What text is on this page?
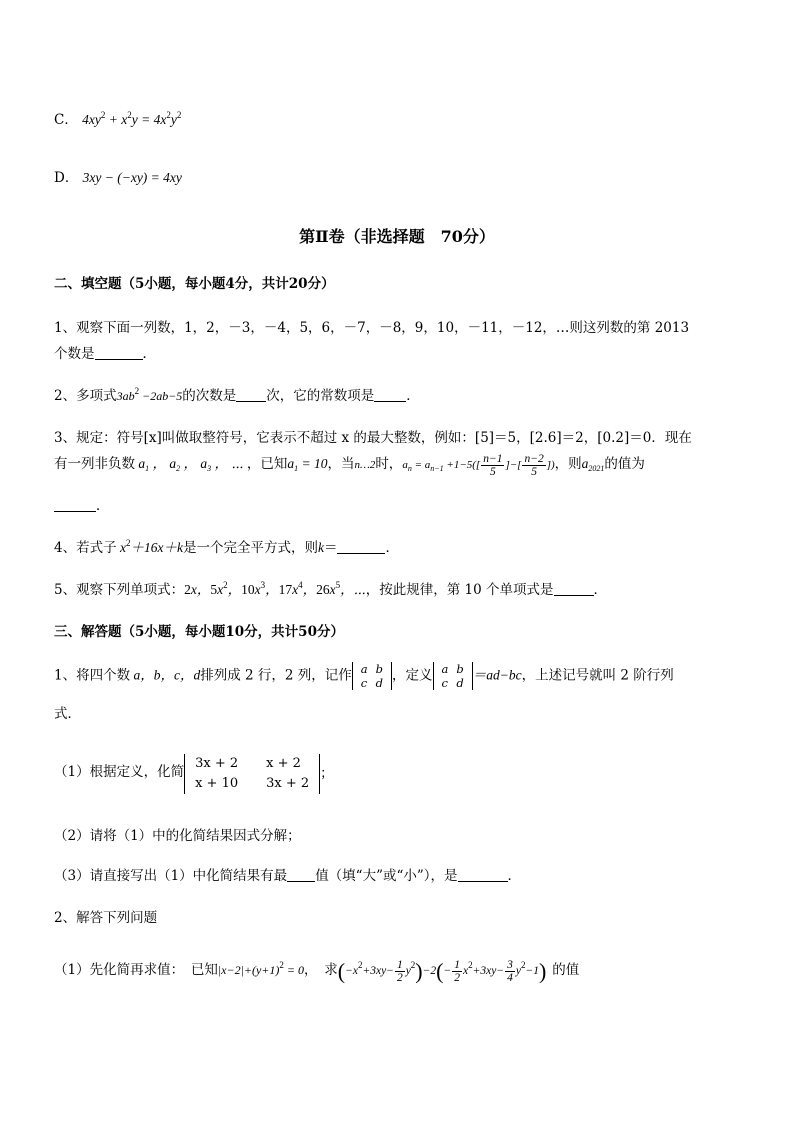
C． $4xy^2 + x^2y = 4x^2y^2$
D． 3xy − (−xy) = 4xy
第Ⅱ卷（非选择题　70分）
二、填空题（5小题，每小题4分，共计20分）
1、观察下面一列数，1，2，－3，－4，5，6，－7，－8，9，10，－11，－12，…则这列数的第 2013
个数是	．
2、多项式$3ab^2 -2ab-5$的次数是 次，它的常数项是 ．
3、规定：符号[x]叫做取整符号，它表示不超过 x 的最大整数，例如：[5]＝5，[2.6]＝2，[0.2]＝0．现在
有一列非负数 $a_1$ ， $a_2$ ， $a_3$ ， ⋯ ，已知$a_1 = 10$，当n…2时，$a_n = a_{n-1} +1-5([ \frac{n-1}{5}$ ]−[ $\frac{n-2}{5}$ ])，则$a_{2021}$的值为
．
4、若式子 $x^2+16x+k$是一个完全平方式，则k＝	．
5、观察下列单项式：2x，$5x^2$，$10x^3$，$17x^4$，$26x^5$，⋯，按此规律，第 10 个单项式是	．
三、解答题（5小题，每小题10分，共计50分）
1、将四个数 a，b，c，d排列成 2 行，2 列，记作 a	b
c	d ，定义 a	b
c	d
＝ad−bc，上述记号就叫 2 阶行列
式．
（1）根据定义，化简 3x + 2	x + 2
x + 10	3x + 2
；
（2）请将（1）中的化简结果因式分解；
（3）请直接写出（1）中化简结果有最 值（填“大”或“小”），是	．
2、解答下列问题
（1）先化简再求值：　已知$|x-2|+(y+1)^2 = 0$，　求$(-x^2+3xy- \frac{1}{2} y^2)-2(- \frac{1}{2} x^2+3xy- \frac{3}{4} y^2-1)$ 的值
